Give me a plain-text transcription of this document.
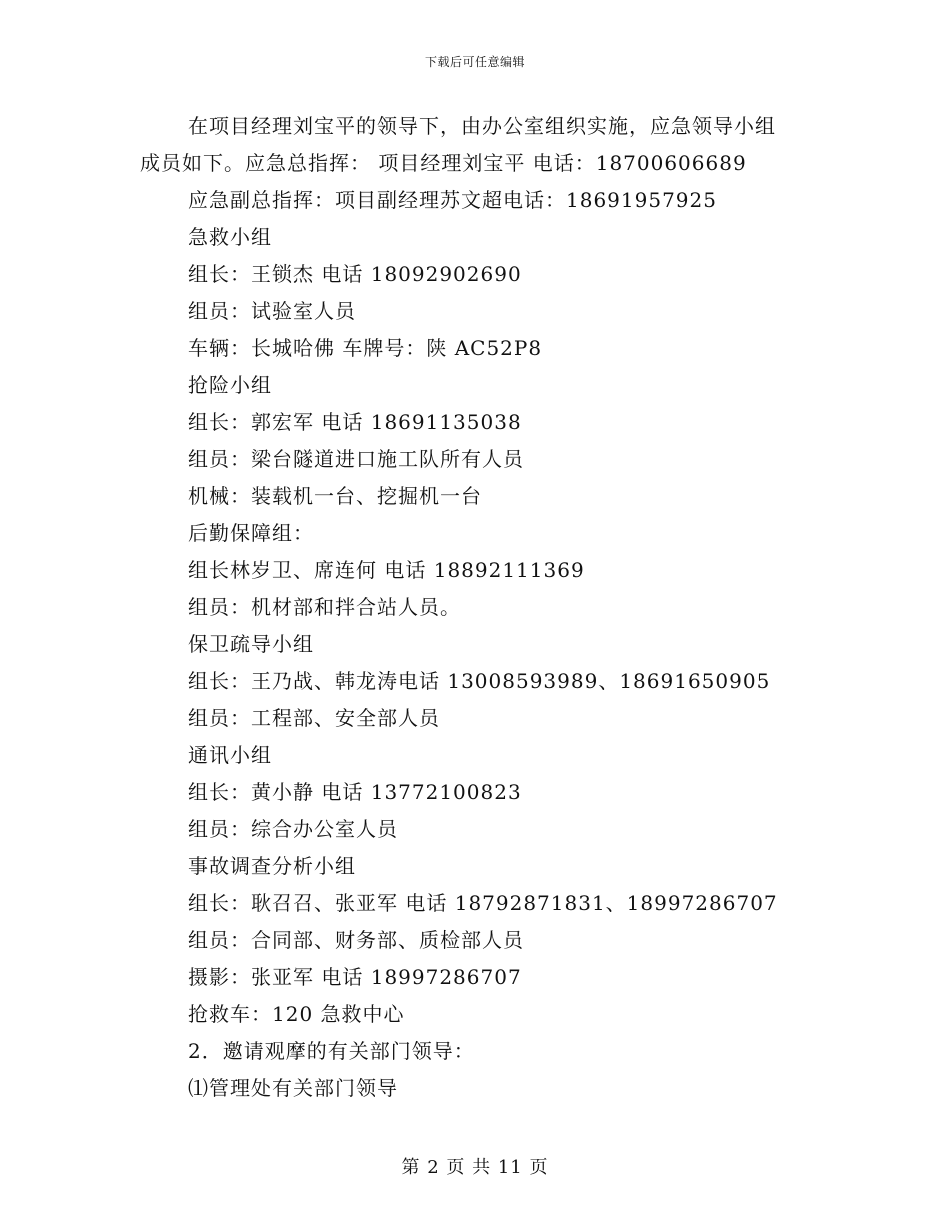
下载后可任意编辑
在项目经理刘宝平的领导下，由办公室组织实施，应急领导小组
成员如下。应急总指挥： 项目经理刘宝平 电话：18700606689
应急副总指挥：项目副经理苏文超电话：18691957925
急救小组
组长：王锁杰 电话 18092902690
组员：试验室人员
车辆：长城哈佛 车牌号：陕 AC52P8
抢险小组
组长：郭宏军 电话 18691135038
组员：梁台隧道进口施工队所有人员
机械：装载机一台、挖掘机一台
后勤保障组：
组长林岁卫、席连何 电话 18892111369
组员：机材部和拌合站人员。
保卫疏导小组
组长：王乃战、韩龙涛电话 13008593989、18691650905
组员：工程部、安全部人员
通讯小组
组长：黄小静 电话 13772100823
组员：综合办公室人员
事故调查分析小组
组长：耿召召、张亚军 电话 18792871831、18997286707
组员：合同部、财务部、质检部人员
摄影：张亚军 电话 18997286707
抢救车：120 急救中心
2．邀请观摩的有关部门领导：
⑴管理处有关部门领导
第 2 页 共 11 页
